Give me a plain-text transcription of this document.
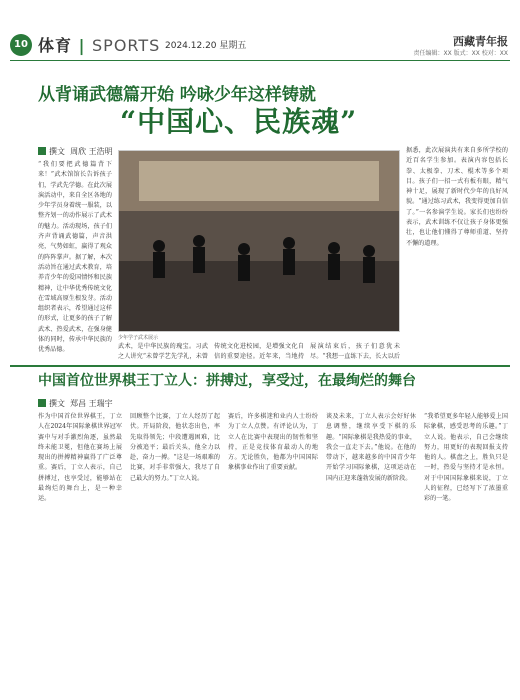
10 体育 | SPORTS 2024.12.20 星期五	西藏青年报
责任编辑：XX 版式：XX 校对：XX
从背诵武德篇开始 吟咏少年这样铸就
“中国心、民族魂”
撰文 周欣 王浩明
“我们要把武德篇背下来！”武术馆馆长告诉孩子们，学武先学德。在此次展演活动中，来自全区各地的少年学员身着统一服装，以整齐划一的动作展示了武术的魅力。活动现场，孩子们齐声背诵武德篇，声音洪亮，气势如虹，赢得了观众的阵阵掌声。据了解，本次活动旨在通过武术教育，培养青少年的爱国情怀和民族精神，让中华优秀传统文化在雪域高原生根发芽。活动组织者表示，希望通过这样的形式，让更多的孩子了解武术、热爱武术，在强身健体的同时，传承中华民族的优秀品德。
少年学子武术展示
据悉，此次展演共有来自多所学校的近百名学生参加。表演内容包括长拳、太极拳、刀术、棍术等多个项目。孩子们一招一式有板有眼，精气神十足，展现了新时代少年的良好风貌。“通过练习武术，我变得更加自信了。”一名参演学生说。家长们也纷纷表示，武术训练不仅让孩子身体更强壮，也让他们懂得了尊师重道、坚持不懈的道理。
武术，是中华民族的瑰宝。习武之人讲究“未曾学艺先学礼，未曾
传统文化进校园，是增强文化自信的重要途径。近年来，当地持
展演结束后，孩子们意犹未尽。“我想一直练下去，长大以后
中国首位世界棋王丁立人：拼搏过，享受过，在最绚烂的舞台
撰文 郑昌 王瑞宇
作为中国首位世界棋王，丁立人在2024年国际象棋世界冠军赛中与对手激烈角逐，虽然最终未能卫冕，但他在赛场上展现出的拼搏精神赢得了广泛尊重。赛后，丁立人表示，自己拼搏过，也享受过，能够站在最绚烂的舞台上，是一种幸运。
回顾整个比赛，丁立人经历了起伏。开局阶段，他状态出色，率先取得领先；中段遭遇困难，比分被追平；最后关头，他全力以赴，奋力一搏。“这是一场艰难的比赛，对手非常强大，我尽了自己最大的努力。”丁立人说。
赛后，许多棋迷和业内人士纷纷为丁立人点赞。有评论认为，丁立人在比赛中表现出的韧性和坚持，正是竞技体育最动人的地方。无论胜负，他都为中国国际象棋事业作出了重要贡献。
谈及未来，丁立人表示会好好休息调整，继续享受下棋的乐趣。“国际象棋是我热爱的事业，我会一直走下去。”他说。在他的带动下，越来越多的中国青少年开始学习国际象棋，这项运动在国内正迎来蓬勃发展的新阶段。
“我希望更多年轻人能够爱上国际象棋，感受思考的乐趣。”丁立人说。他表示，自己会继续努力，用更好的表现回报支持他的人。棋盘之上，胜负只是一时，热爱与坚持才是永恒。对于中国国际象棋来说，丁立人的征程，已经写下了浓墨重彩的一笔。
